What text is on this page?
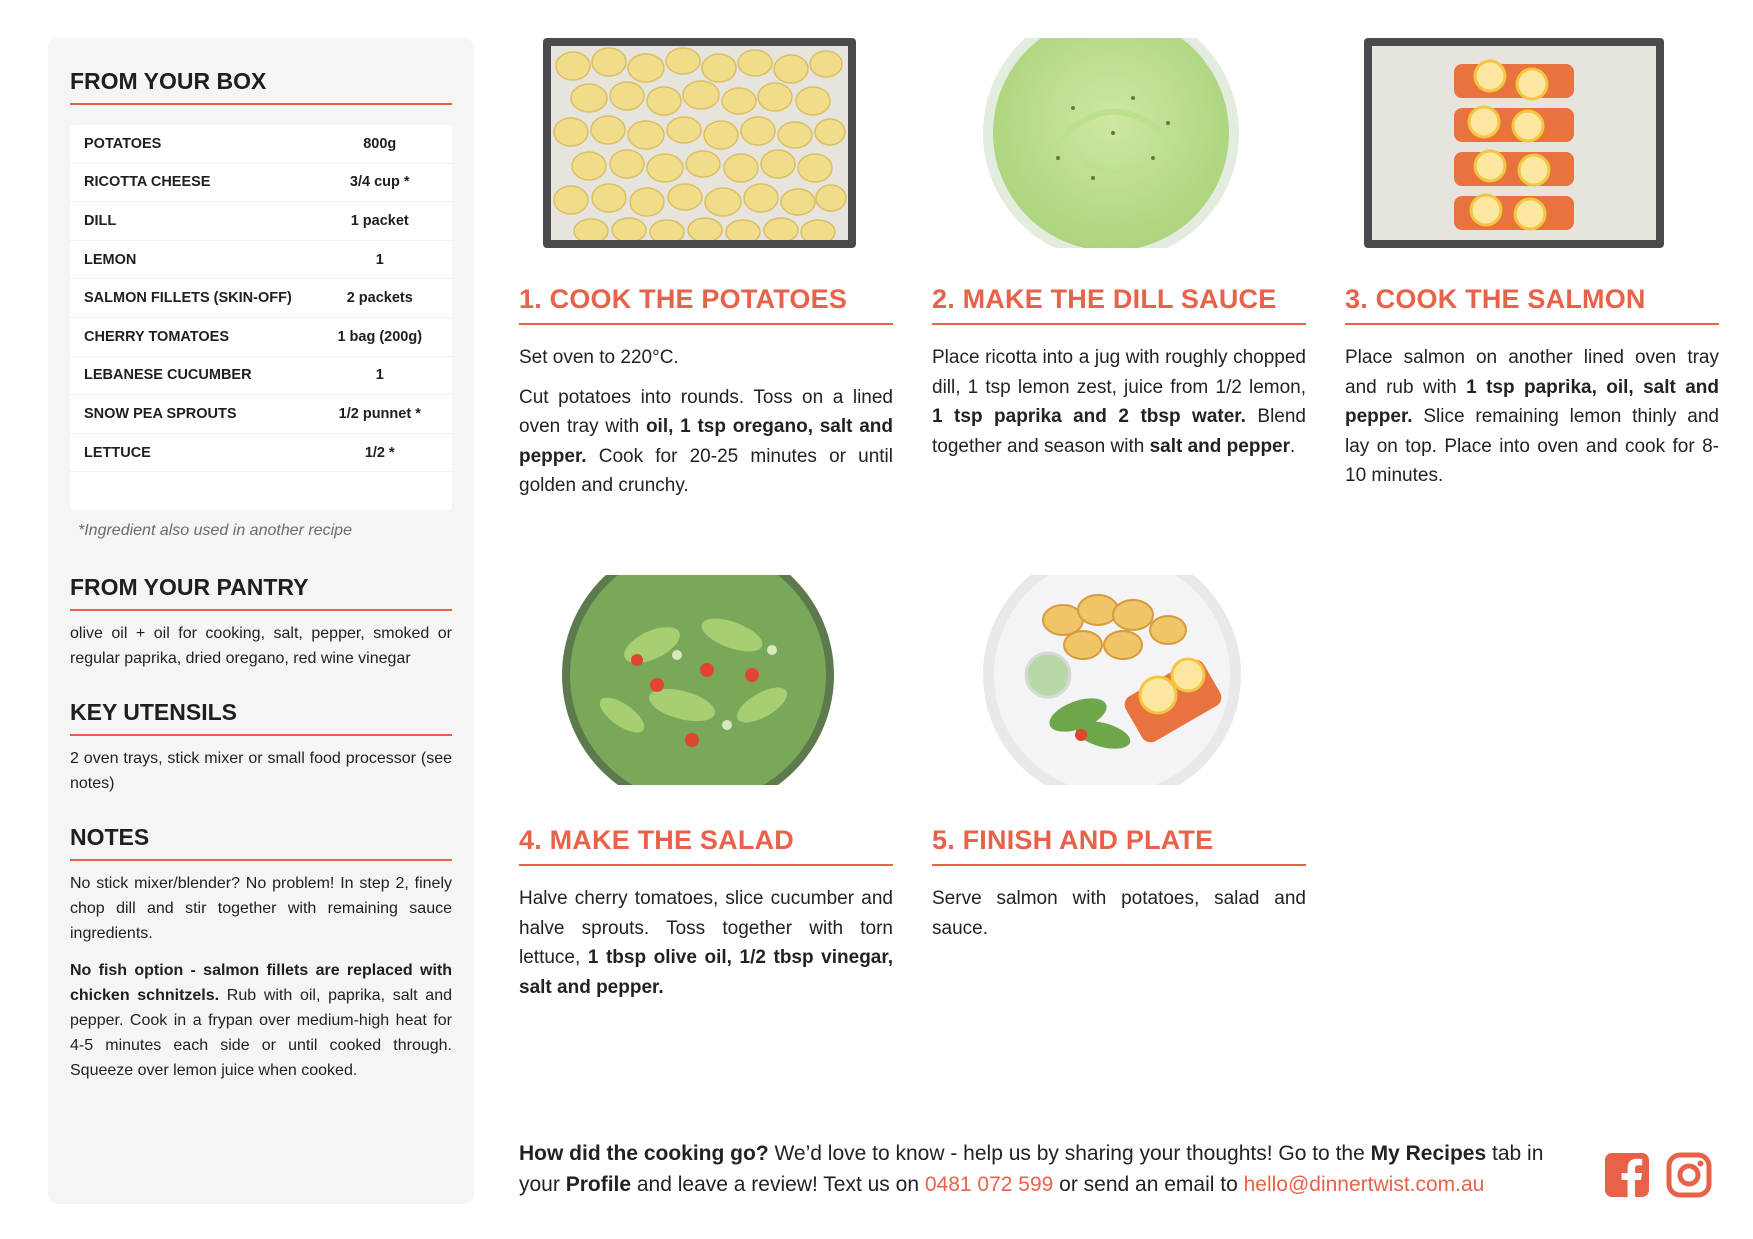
FROM YOUR BOX
POTATOES	800g
RICOTTA CHEESE	3/4 cup *
DILL	1 packet
LEMON	1
SALMON FILLETS (SKIN-OFF)	2 packets
CHERRY TOMATOES	1 bag (200g)
LEBANESE CUCUMBER	1
SNOW PEA SPROUTS	1/2 punnet *
LETTUCE	1/2 *
*Ingredient also used in another recipe
FROM YOUR PANTRY

olive oil + oil for cooking, salt, pepper, smoked or regular paprika, dried oregano, red wine vinegar

KEY UTENSILS

2 oven trays, stick mixer or small food processor (see notes)

NOTES

No stick mixer/blender? No problem! In step 2, finely chop dill and stir together with remaining sauce ingredients.

No fish option - salmon fillets are replaced with chicken schnitzels. Rub with oil, paprika, salt and pepper. Cook in a frypan over medium-high heat for 4-5 minutes each side or until cooked through. Squeeze over lemon juice when cooked.

1. COOK THE POTATOES

Set oven to 220°C.

Cut potatoes into rounds. Toss on a lined oven tray with oil, 1 tsp oregano, salt and pepper. Cook for 20-25 minutes or until golden and crunchy.

2. MAKE THE DILL SAUCE

Place ricotta into a jug with roughly chopped dill, 1 tsp lemon zest, juice from 1/2 lemon, 1 tsp paprika and 2 tbsp water. Blend together and season with salt and pepper.

3. COOK THE SALMON

Place salmon on another lined oven tray and rub with 1 tsp paprika, oil, salt and pepper. Slice remaining lemon thinly and lay on top. Place into oven and cook for 8-10 minutes.

4. MAKE THE SALAD

Halve cherry tomatoes, slice cucumber and halve sprouts. Toss together with torn lettuce, 1 tbsp olive oil, 1/2 tbsp vinegar, salt and pepper.

5. FINISH AND PLATE

Serve salmon with potatoes, salad and sauce.

How did the cooking go? We’d love to know - help us by sharing your thoughts! Go to the My Recipes tab in your Profile and leave a review! Text us on 0481 072 599 or send an email to hello@dinnertwist.com.au
